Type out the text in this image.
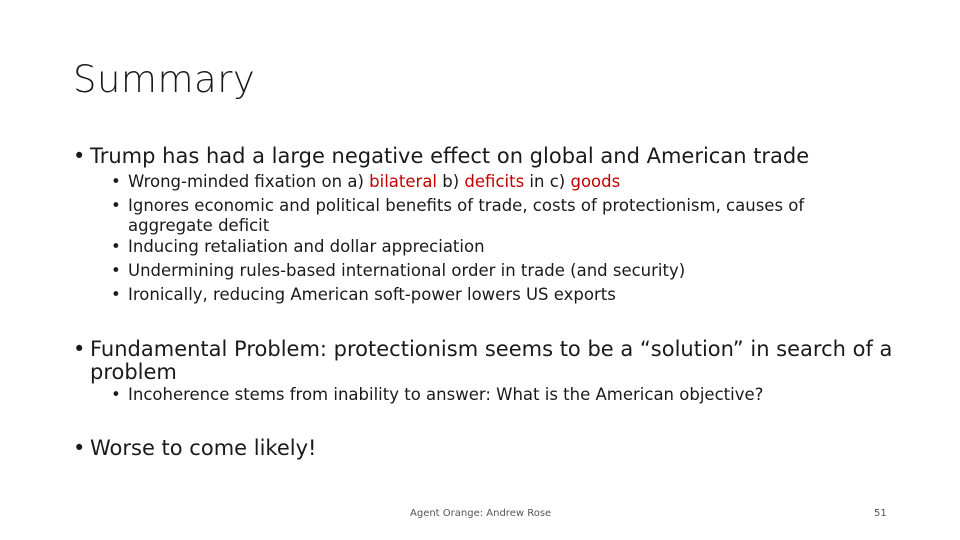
Summary
• Trump has had a large negative effect on global and American trade
• Wrong-minded fixation on a) bilateral b) deficits in c) goods
• Ignores economic and political benefits of trade, costs of protectionism, causes of aggregate deficit
• Inducing retaliation and dollar appreciation
• Undermining rules-based international order in trade (and security)
• Ironically, reducing American soft-power lowers US exports
• Fundamental Problem: protectionism seems to be a “solution” in search of a problem
• Incoherence stems from inability to answer: What is the American objective?
• Worse to come likely!
Agent Orange: Andrew Rose	51
